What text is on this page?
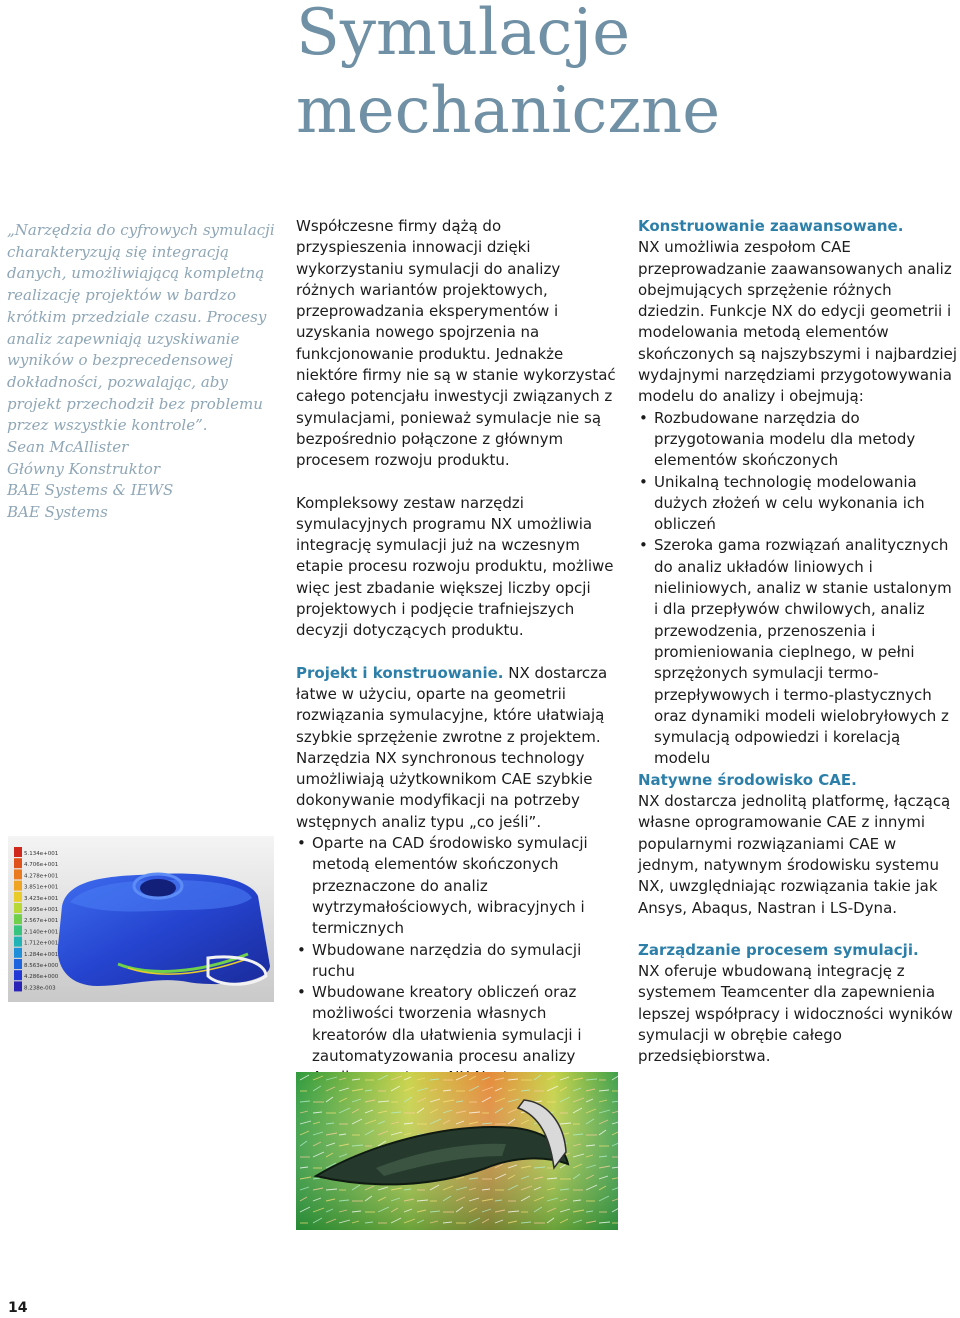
Symulacje
mechaniczne

„Narzędzia do cyfrowych symulacji charakteryzują się integracją danych, umożliwiającą kompletną realizację projektów w bardzo krótkim przedziale czasu. Procesy analiz zapewniają uzyskiwanie wyników o bezprecedensowej dokładności, pozwalając, aby projekt przechodził bez problemu przez wszystkie kontrole”.

Sean McAllister
Główny Konstruktor
BAE Systems & IEWS
BAE Systems

Współczesne firmy dążą do przyspieszenia innowacji dzięki wykorzystaniu symulacji do analizy różnych wariantów projektowych, przeprowadzania eksperymentów i uzyskania nowego spojrzenia na funkcjonowanie produktu. Jednakże niektóre firmy nie są w stanie wykorzystać całego potencjału inwestycji związanych z symulacjami, ponieważ symulacje nie są bezpośrednio połączone z głównym procesem rozwoju produktu.

Kompleksowy zestaw narzędzi symulacyjnych programu NX umożliwia integrację symulacji już na wczesnym etapie procesu rozwoju produktu, możliwe więc jest zbadanie większej liczby opcji projektowych i podjęcie trafniejszych decyzji dotyczących produktu.

Projekt i konstruowanie. NX dostarcza łatwe w użyciu, oparte na geometrii rozwiązania symulacyjne, które ułatwiają szybkie sprzężenie zwrotne z projektem. Narzędzia NX synchronous technology umożliwiają użytkownikom CAE szybkie dokonywanie modyfikacji na potrzeby wstępnych analiz typu „co jeśli”.

• Oparte na CAD środowisko symulacji metodą elementów skończonych przeznaczone do analiz wytrzymałościowych, wibracyjnych i termicznych
• Wbudowane narzędzia do symulacji ruchu
• Wbudowane kreatory obliczeń oraz możliwości tworzenia własnych kreatorów dla ułatwienia symulacji i zautomatyzowania procesu analizy
•

Konstruowanie zaawansowane.
NX umożliwia zespołom CAE przeprowadzanie zaawansowanych analiz obejmujących sprzężenie różnych dziedzin. Funkcje NX do edycji geometrii i modelowania metodą elementów skończonych są najszybszymi i najbardziej wydajnymi narzędziami przygotowywania modelu do analizy i obejmują:

• Rozbudowane narzędzia do przygotowania modelu dla metody elementów skończonych
• Unikalną technologię modelowania dużych złożeń w celu wykonania ich obliczeń
• Szeroka gama rozwiązań analitycznych do analiz układów liniowych i nieliniowych, analiz w stanie ustalonym i dla przepływów chwilowych, analiz przewodzenia, przenoszenia i promieniowania cieplnego, w pełni sprzężonych symulacji termo-przepływowych i termo-plastycznych oraz dynamiki modeli wielobryłowych z symulacją odpowiedzi i korelacją modelu

Natywne środowisko CAE.
NX dostarcza jednolitą platformę, łączącą własne oprogramowanie CAE z innymi popularnymi rozwiązaniami CAE w jednym, natywnym środowisku systemu NX, uwzględniając rozwiązania takie jak Ansys, Abaqus, Nastran i LS-Dyna.

Zarządzanie procesem symulacji.
NX oferuje wbudowaną integrację z systemem Teamcenter dla zapewnienia lepszej współpracy i widoczności wyników symulacji w obrębie całego przedsiębiorstwa.

5.134e+001
4.706e+001
4.278e+001
3.851e+001
3.423e+001
2.995e+001
2.567e+001
2.140e+001
1.712e+001
1.284e+001
8.563e+000
4.286e+000
8.238e-003

14
